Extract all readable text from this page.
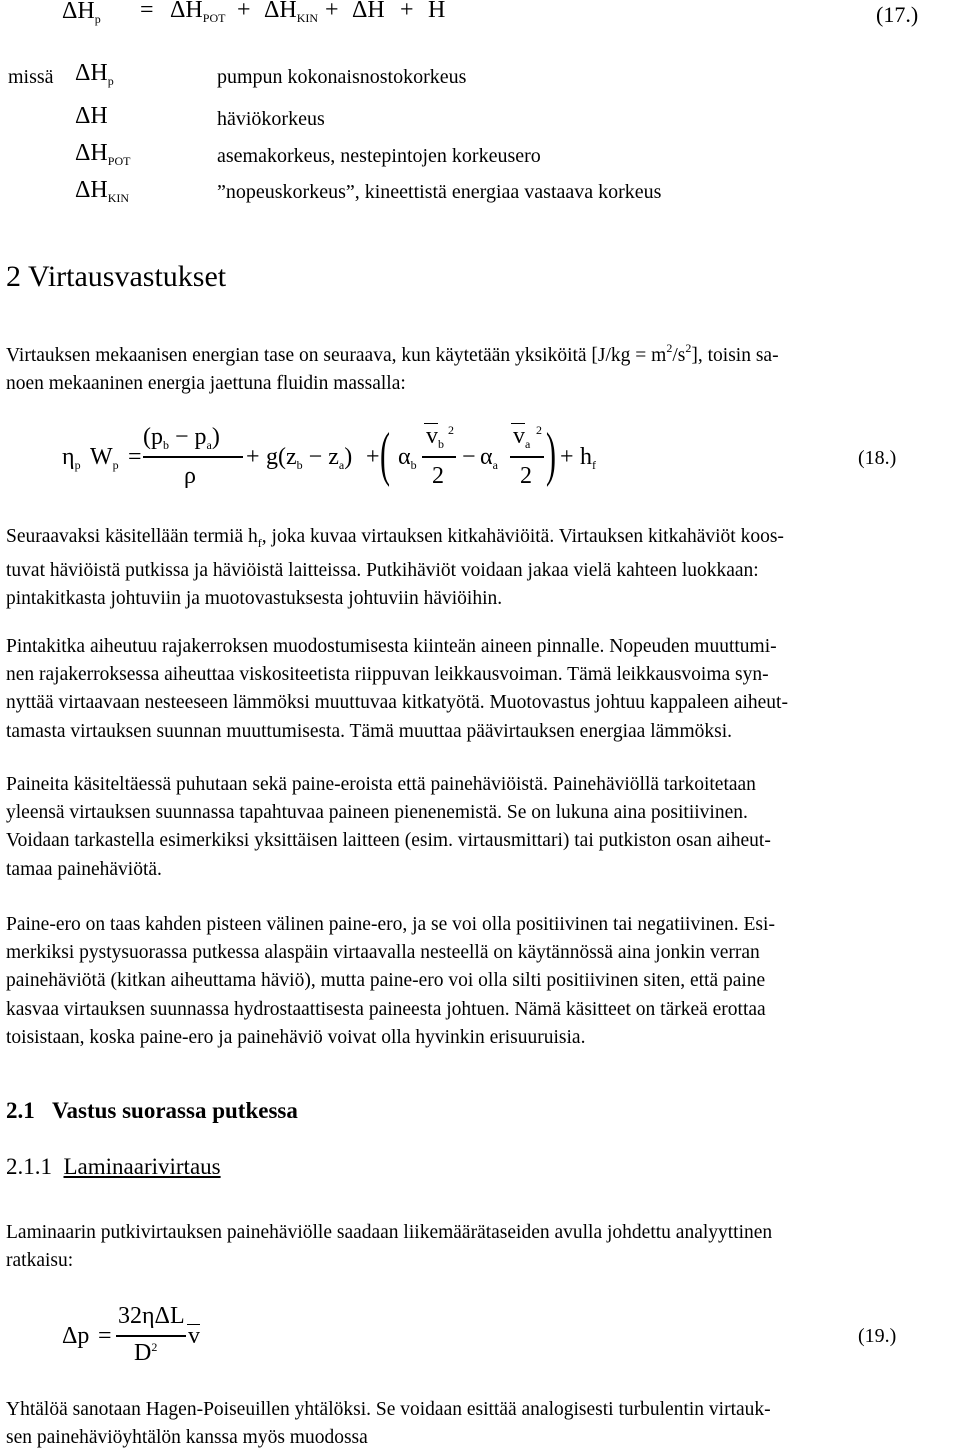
$\Delta H_p = \Delta H_{POT} + \Delta H_{KIN} + \Delta H + H$	(17.)
missä $\Delta H_p$	pumpun kokonaisnostokorkeus
ΔH	häviökorkeus
$\Delta H_{POT}$	asemakorkeus, nestepintojen korkeusero
$\Delta H_{KIN}$	”nopeuskorkeus”, kineettistä energiaa vastaava korkeus
2 Virtausvastukset
Virtauksen mekaanisen energian tase on seuraava, kun käytetään yksiköitä $[J/kg = m^2/s^2]$, toisin sa-
noen mekaaninen energia jaettuna fluidin massalla:
$\eta_p$ $W_p$ =
$(p_b - p_a)$
ρ
+ $g(z_b - z_a)$ + ( $\alpha_b$
$v_b$
2
2
− $\alpha_a$
$v_a$
2
2 ) + $h_f$	(18.)
Seuraavaksi käsitellään termiä $h_f$, joka kuvaa virtauksen kitkahäviöitä. Virtauksen kitkahäviöt koos-
tuvat häviöistä putkissa ja häviöistä laitteissa. Putkihäviöt voidaan jakaa vielä kahteen luokkaan:
pintakitkasta johtuviin ja muotovastuksesta johtuviin häviöihin.
Pintakitka aiheutuu rajakerroksen muodostumisesta kiinteän aineen pinnalle. Nopeuden muuttumi-
nen rajakerroksessa aiheuttaa viskositeetista riippuvan leikkausvoiman. Tämä leikkausvoima syn-
nyttää virtaavaan nesteeseen lämmöksi muuttuvaa kitkatyötä. Muotovastus johtuu kappaleen aiheut-
tamasta virtauksen suunnan muuttumisesta. Tämä muuttaa päävirtauksen energiaa lämmöksi.
Paineita käsiteltäessä puhutaan sekä paine-eroista että painehäviöistä. Painehäviöllä tarkoitetaan
yleensä virtauksen suunnassa tapahtuvaa paineen pienenemistä. Se on lukuna aina positiivinen.
Voidaan tarkastella esimerkiksi yksittäisen laitteen (esim. virtausmittari) tai putkiston osan aiheut-
tamaa painehäviötä.
Paine-ero on taas kahden pisteen välinen paine-ero, ja se voi olla positiivinen tai negatiivinen. Esi-
merkiksi pystysuorassa putkessa alaspäin virtaavalla nesteellä on käytännössä aina jonkin verran
painehäviötä (kitkan aiheuttama häviö), mutta paine-ero voi olla silti positiivinen siten, että paine
kasvaa virtauksen suunnassa hydrostaattisesta paineesta johtuen. Nämä käsitteet on tärkeä erottaa
toisistaan, koska paine-ero ja painehäviö voivat olla hyvinkin erisuuruisia.
2.1 Vastus suorassa putkessa
2.1.1 Laminaarivirtaus
Laminaarin putkivirtauksen painehäviölle saadaan liikemäärätaseiden avulla johdettu analyyttinen
ratkaisu:
Δp =
32ηΔL
$D^2$ v	(19.)
Yhtälöä sanotaan Hagen-Poiseuillen yhtälöksi. Se voidaan esittää analogisesti turbulentin virtauk-
sen painehäviöyhtälön kanssa myös muodossa
